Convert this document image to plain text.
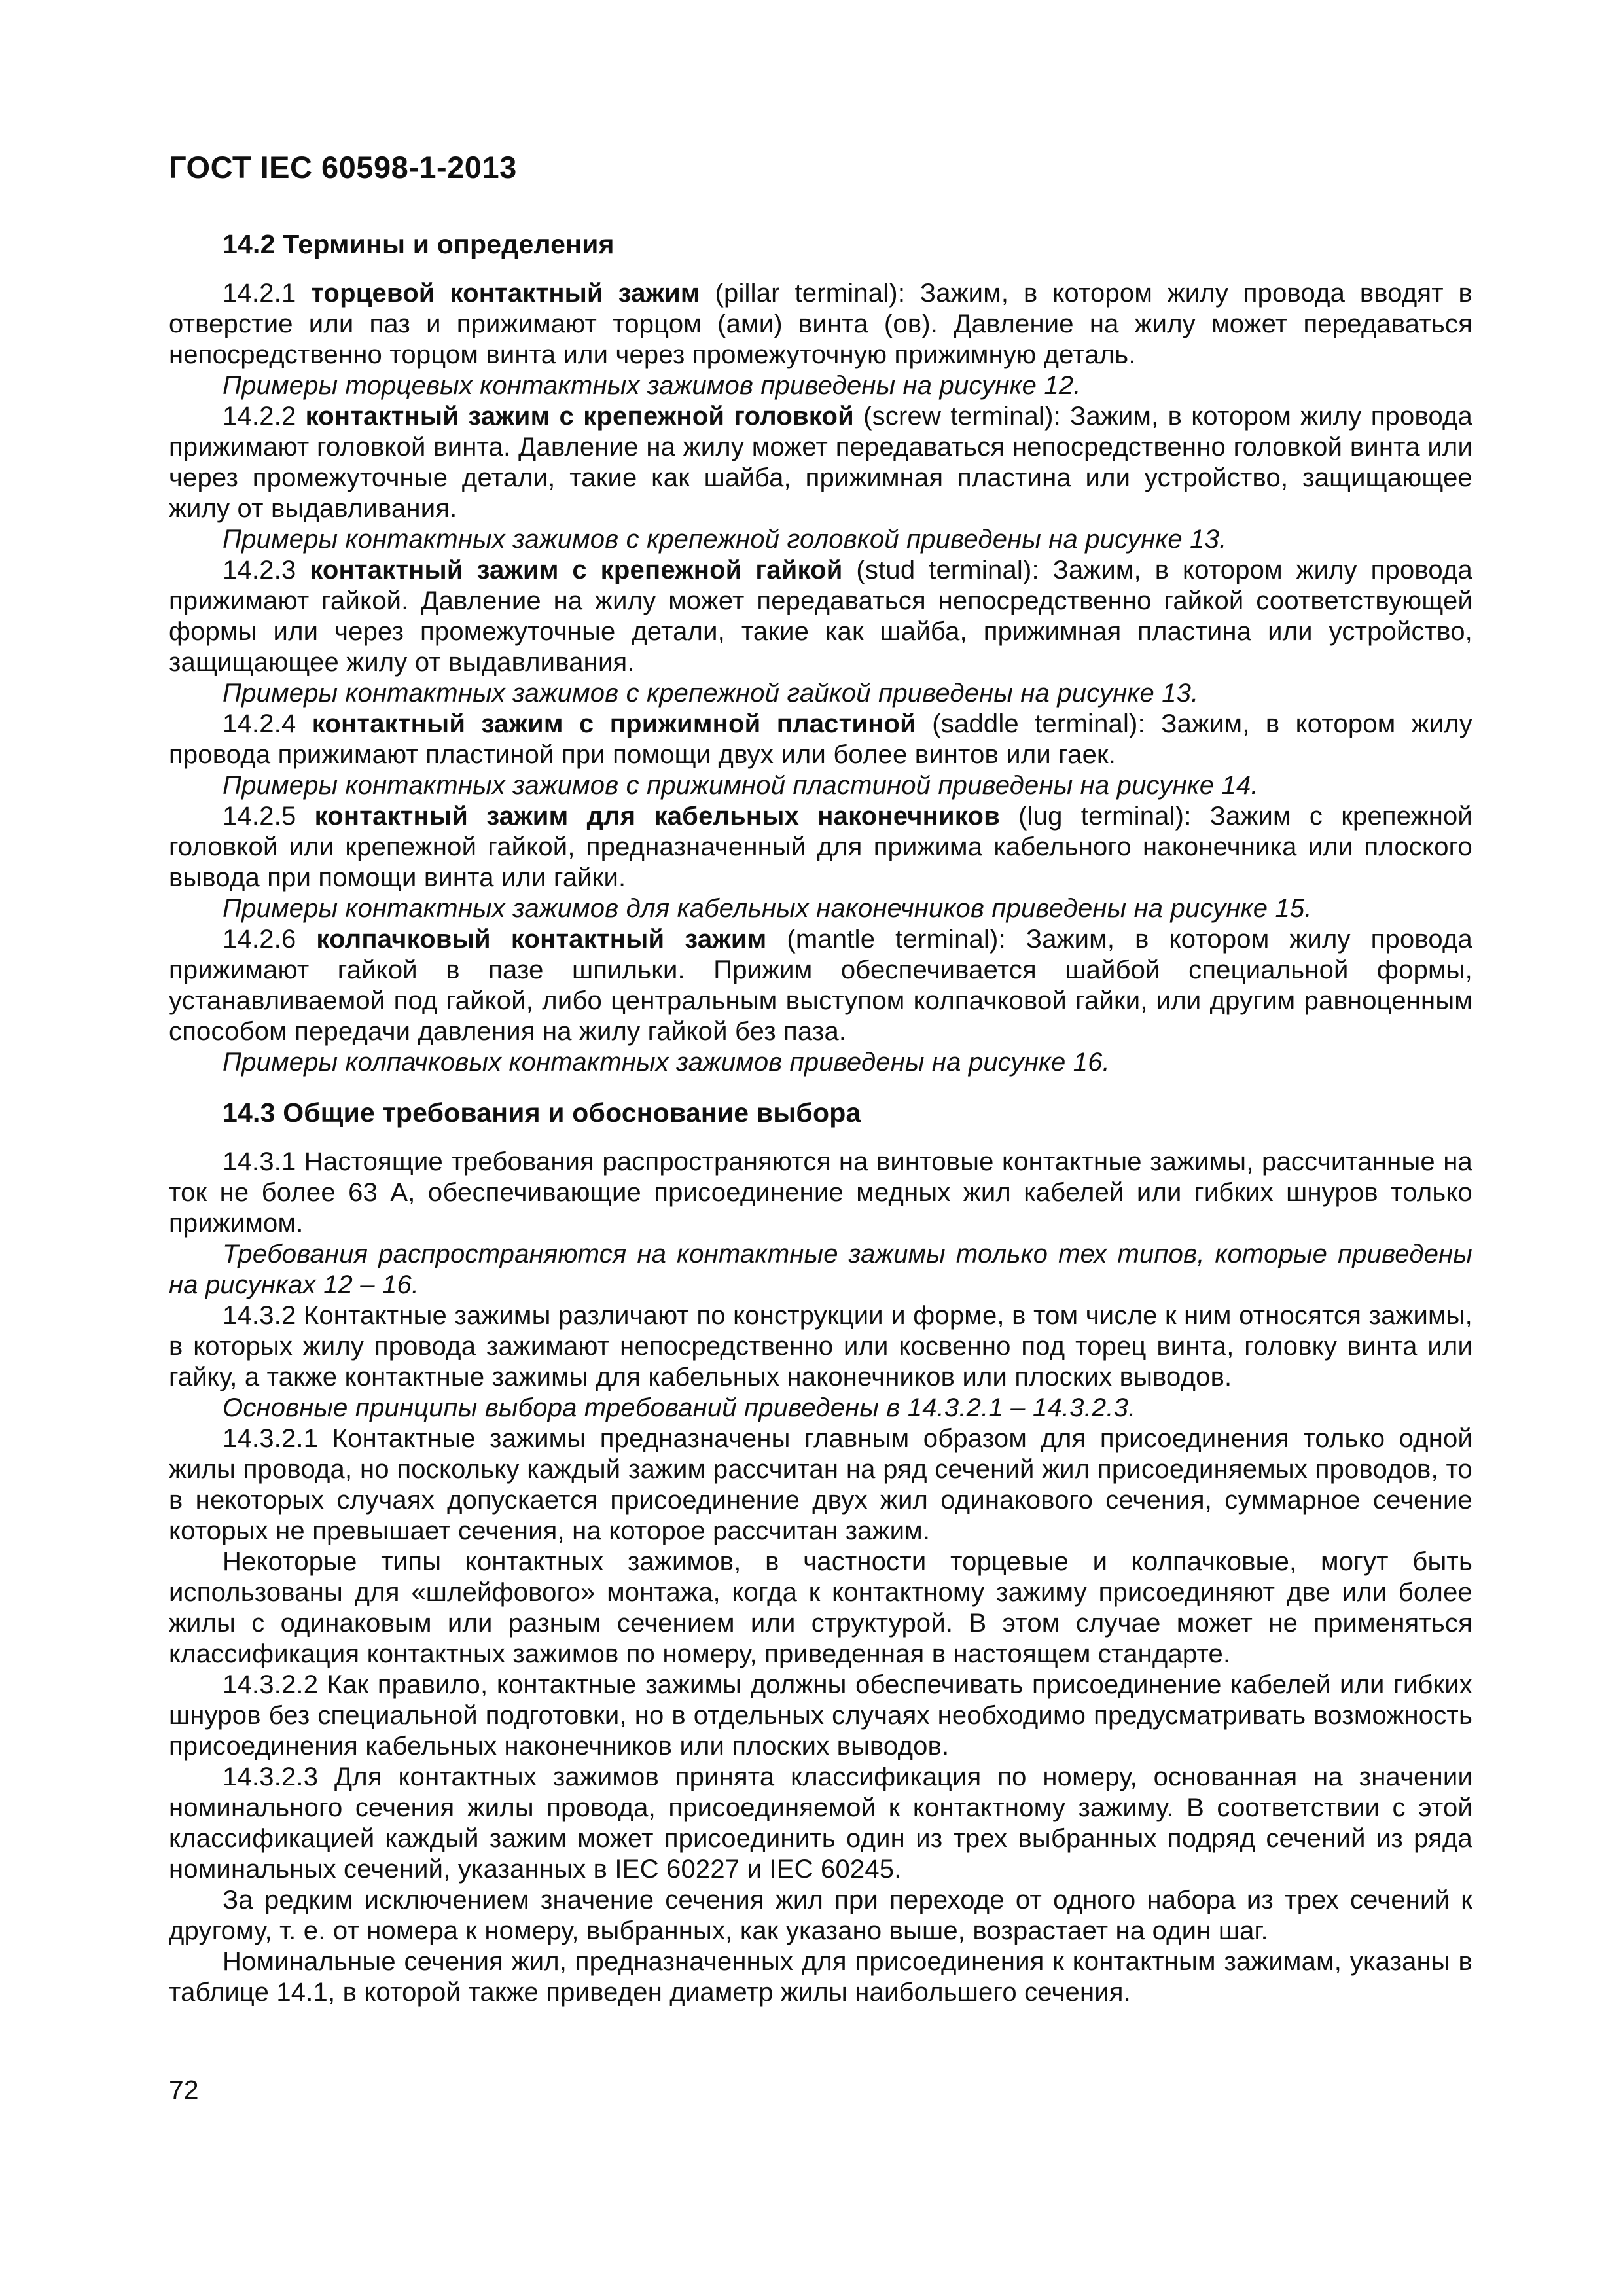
ГОСТ IEC 60598-1-2013

14.2 Термины и определения

14.2.1 торцевой контактный зажим (pillar terminal): Зажим, в котором жилу провода вводят в отверстие или паз и прижимают торцом (ами) винта (ов). Давление на жилу может передаваться непосредственно торцом винта или через промежуточную прижимную деталь.

Примеры торцевых контактных зажимов приведены на рисунке 12.

14.2.2 контактный зажим с крепежной головкой (screw terminal): Зажим, в котором жилу провода прижимают головкой винта. Давление на жилу может передаваться непосредственно головкой винта или через промежуточные детали, такие как шайба, прижимная пластина или устройство, защищающее жилу от выдавливания.

Примеры контактных зажимов с крепежной головкой приведены на рисунке 13.

14.2.3 контактный зажим с крепежной гайкой (stud terminal): Зажим, в котором жилу провода прижимают гайкой. Давление на жилу может передаваться непосредственно гайкой соответствующей формы или через промежуточные детали, такие как шайба, прижимная пластина или устройство, защищающее жилу от выдавливания.

Примеры контактных зажимов с крепежной гайкой приведены на рисунке 13.

14.2.4 контактный зажим с прижимной пластиной (saddle terminal): Зажим, в котором жилу провода прижимают пластиной при помощи двух или более винтов или гаек.

Примеры контактных зажимов с прижимной пластиной приведены на рисунке 14.

14.2.5 контактный зажим для кабельных наконечников (lug terminal): Зажим с крепежной головкой или крепежной гайкой, предназначенный для прижима кабельного наконечника или плоского вывода при помощи винта или гайки.

Примеры контактных зажимов для кабельных наконечников приведены на рисунке 15.

14.2.6 колпачковый контактный зажим (mantle terminal): Зажим, в котором жилу провода прижимают гайкой в пазе шпильки. Прижим обеспечивается шайбой специальной формы, устанавливаемой под гайкой, либо центральным выступом колпачковой гайки, или другим равноценным способом передачи давления на жилу гайкой без паза.

Примеры колпачковых контактных зажимов приведены на рисунке 16.

14.3 Общие требования и обоснование выбора

14.3.1 Настоящие требования распространяются на винтовые контактные зажимы, рассчитанные на ток не более 63 А, обеспечивающие присоединение медных жил кабелей или гибких шнуров только прижимом.

Требования распространяются на контактные зажимы только тех типов, которые приведены на рисунках 12 – 16.

14.3.2 Контактные зажимы различают по конструкции и форме, в том числе к ним относятся зажимы, в которых жилу провода зажимают непосредственно или косвенно под торец винта, головку винта или гайку, а также контактные зажимы для кабельных наконечников или плоских выводов.

Основные принципы выбора требований приведены в 14.3.2.1 – 14.3.2.3.

14.3.2.1 Контактные зажимы предназначены главным образом для присоединения только одной жилы провода, но поскольку каждый зажим рассчитан на ряд сечений жил присоединяемых проводов, то в некоторых случаях допускается присоединение двух жил одинакового сечения, суммарное сечение которых не превышает сечения, на которое рассчитан зажим.

Некоторые типы контактных зажимов, в частности торцевые и колпачковые, могут быть использованы для «шлейфового» монтажа, когда к контактному зажиму присоединяют две или более жилы с одинаковым или разным сечением или структурой. В этом случае может не применяться классификация контактных зажимов по номеру, приведенная в настоящем стандарте.

14.3.2.2 Как правило, контактные зажимы должны обеспечивать присоединение кабелей или гибких шнуров без специальной подготовки, но в отдельных случаях необходимо предусматривать возможность присоединения кабельных наконечников или плоских выводов.

14.3.2.3 Для контактных зажимов принята классификация по номеру, основанная на значении номинального сечения жилы провода, присоединяемой к контактному зажиму. В соответствии с этой классификацией каждый зажим может присоединить один из трех выбранных подряд сечений из ряда номинальных сечений, указанных в IEC 60227 и IEC 60245.

За редким исключением значение сечения жил при переходе от одного набора из трех сечений к другому, т. е. от номера к номеру, выбранных, как указано выше, возрастает на один шаг.

Номинальные сечения жил, предназначенных для присоединения к контактным зажимам, указаны в таблице 14.1, в которой также приведен диаметр жилы наибольшего сечения.

72
